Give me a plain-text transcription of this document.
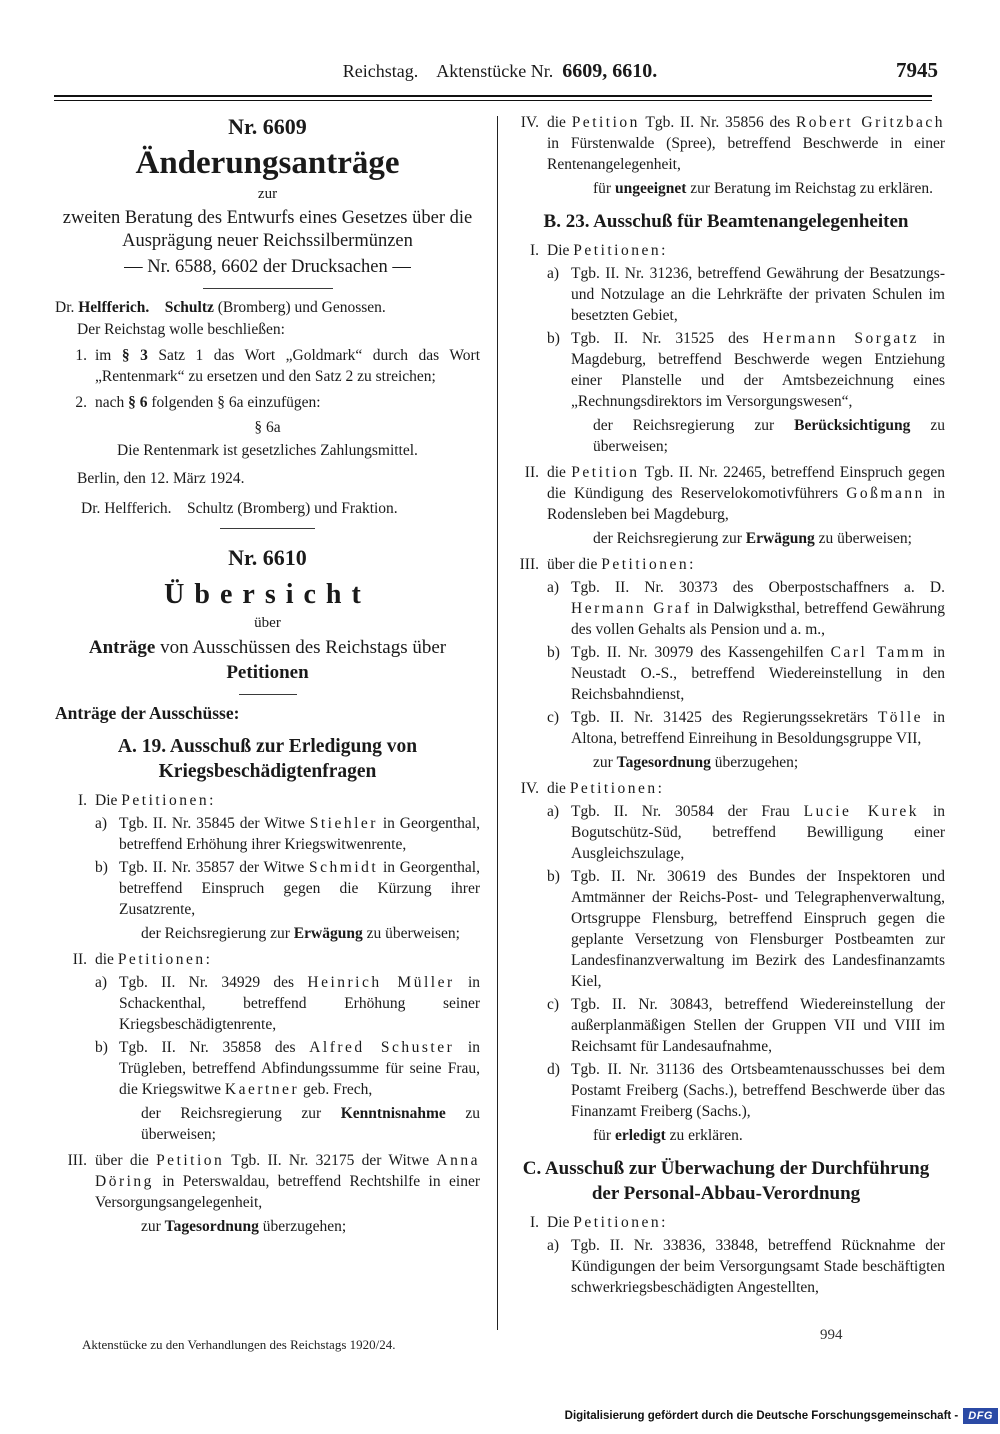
Reichstag. Aktenstücke Nr. 6609, 6610.	7945
Nr. 6609
Änderungsanträge
zur
zweiten Beratung des Entwurfs eines Gesetzes über die Ausprägung neuer Reichssilbermünzen
— Nr. 6588, 6602 der Drucksachen —
Dr. Helfferich.  Schultz (Bromberg) und Genossen.
Der Reichstag wolle beschließen:
1. im § 3 Satz 1 das Wort „Goldmark“ durch das Wort „Rentenmark“ zu ersetzen und den Satz 2 zu streichen;
2. nach § 6 folgenden § 6a einzufügen:
§ 6a
Die Rentenmark ist gesetzliches Zahlungsmittel.
Berlin, den 12. März 1924.
Dr. Helfferich. Schultz (Bromberg) und Fraktion.
Nr. 6610
Übersicht
über
Anträge von Ausschüssen des Reichstags über Petitionen
Anträge der Ausschüsse:
A. 19. Ausschuß zur Erledigung von Kriegsbeschädigtenfragen
I. Die Petitionen:
a) Tgb. II. Nr. 35845 der Witwe Stiehler in Georgenthal, betreffend Erhöhung ihrer Kriegswitwenrente,
b) Tgb. II. Nr. 35857 der Witwe Schmidt in Georgenthal, betreffend Einspruch gegen die Kürzung ihrer Zusatzrente,
der Reichsregierung zur Erwägung zu überweisen;
II. die Petitionen:
a) Tgb. II. Nr. 34929 des Heinrich Müller in Schackenthal, betreffend Erhöhung seiner Kriegsbeschädigtenrente,
b) Tgb. II. Nr. 35858 des Alfred Schuster in Trügleben, betreffend Abfindungssumme für seine Frau, die Kriegswitwe Kaertner geb. Frech,
der Reichsregierung zur Kenntnisnahme zu überweisen;
III. über die Petition Tgb. II. Nr. 32175 der Witwe Anna Döring in Peterswaldau, betreffend Rechtshilfe in einer Versorgungsangelegenheit,
zur Tagesordnung überzugehen;
IV. die Petition Tgb. II. Nr. 35856 des Robert Gritzbach in Fürstenwalde (Spree), betreffend Beschwerde in einer Rentenangelegenheit,
für ungeeignet zur Beratung im Reichstag zu erklären.
B. 23. Ausschuß für Beamtenangelegenheiten
I. Die Petitionen:
a) Tgb. II. Nr. 31236, betreffend Gewährung der Besatzungs- und Notzulage an die Lehrkräfte der privaten Schulen im besetzten Gebiet,
b) Tgb. II. Nr. 31525 des Hermann Sorgatz in Magdeburg, betreffend Beschwerde wegen Entziehung einer Planstelle und der Amtsbezeichnung eines „Rechnungsdirektors im Versorgungswesen“,
der Reichsregierung zur Berücksichtigung zu überweisen;
II. die Petition Tgb. II. Nr. 22465, betreffend Einspruch gegen die Kündigung des Reservelokomotivführers Goßmann in Rodensleben bei Magdeburg,
der Reichsregierung zur Erwägung zu überweisen;
III. über die Petitionen:
a) Tgb. II. Nr. 30373 des Oberpostschaffners a. D. Hermann Graf in Dalwigksthal, betreffend Gewährung des vollen Gehalts als Pension und a. m.,
b) Tgb. II. Nr. 30979 des Kassengehilfen Carl Tamm in Neustadt O.-S., betreffend Wiedereinstellung in den Reichsbahndienst,
c) Tgb. II. Nr. 31425 des Regierungssekretärs Tölle in Altona, betreffend Einreihung in Besoldungsgruppe VII,
zur Tagesordnung überzugehen;
IV. die Petitionen:
a) Tgb. II. Nr. 30584 der Frau Lucie Kurek in Bogutschütz-Süd, betreffend Bewilligung einer Ausgleichszulage,
b) Tgb. II. Nr. 30619 des Bundes der Inspektoren und Amtmänner der Reichs-Post- und Telegraphenverwaltung, Ortsgruppe Flensburg, betreffend Einspruch gegen die geplante Versetzung von Flensburger Postbeamten zur Landesfinanzverwaltung im Bezirk des Landesfinanzamts Kiel,
c) Tgb. II. Nr. 30843, betreffend Wiedereinstellung der außerplanmäßigen Stellen der Gruppen VII und VIII im Reichsamt für Landesaufnahme,
d) Tgb. II. Nr. 31136 des Ortsbeamtenausschusses bei dem Postamt Freiberg (Sachs.), betreffend Beschwerde über das Finanzamt Freiberg (Sachs.),
für erledigt zu erklären.
C. Ausschuß zur Überwachung der Durchführung der Personal-Abbau-Verordnung
I. Die Petitionen:
a) Tgb. II. Nr. 33836, 33848, betreffend Rücknahme der Kündigungen der beim Versorgungsamt Stade beschäftigten schwerkriegsbeschädigten Angestellten,
Aktenstücke zu den Verhandlungen des Reichstags 1920/24.
994
Digitalisierung gefördert durch die Deutsche Forschungsgemeinschaft - DFG
